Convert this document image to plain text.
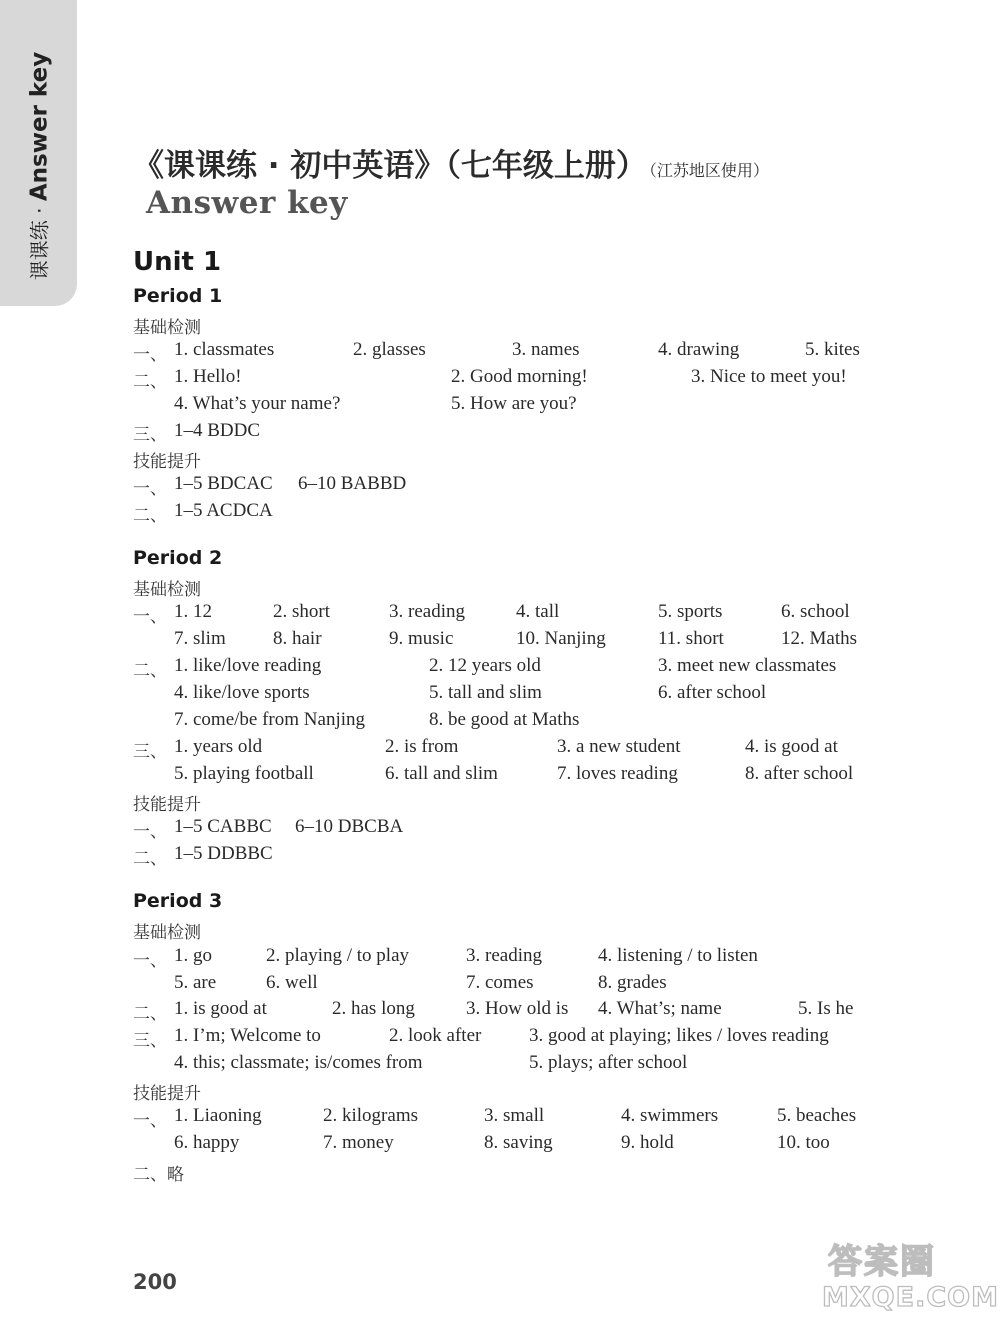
课课练 · Answer key	《课课练 · 初中英语》（七年级上册） （江苏地区使用）
Answer key
Unit 1
Period 1
基础检测
一、 1. classmates	2. glasses	3. names	4. drawing	5. kites
二、 1. Hello!	2. Good morning!	3. Nice to meet you!
4. What’s your name?	5. How are you?
三、 1–4 BDDC
技能提升
一、 1–5 BDCAC 6–10 BABBD
二、 1–5 ACDCA
Period 2
基础检测
一、 1. 12	2. short	3. reading	4. tall	5. sports	6. school
7. slim 8. hair	9. music	10. Nanjing	11. short	12. Maths
二、 1. like/love reading	2. 12 years old	3. meet new classmates
4. like/love sports	5. tall and slim	6. after school
7. come/be from Nanjing	8. be good at Maths
三、 1. years old	2. is from	3. a new student	4. is good at
5. playing football	6. tall and slim	7. loves reading	8. after school
技能提升
一、 1–5 CABBC 6–10 DBCBA
二、 1–5 DDBBC
Period 3
基础检测
一、 1. go	2. playing / to play	3. reading	4. listening / to listen
5. are	6. well	7. comes	8. grades
二、 1. is good at	2. has long	3. How old is 4. What’s; name	5. Is he
三、 1. I’m; Welcome to	2. look after	3. good at playing; likes / loves reading
4. this; classmate; is/comes from	5. plays; after school
技能提升
一、 1. Liaoning	2. kilograms	3. small	4. swimmers	5. beaches
6. happy	7. money	8. saving	9. hold	10. too
二、略
200	答案圈
MXQE.COM
